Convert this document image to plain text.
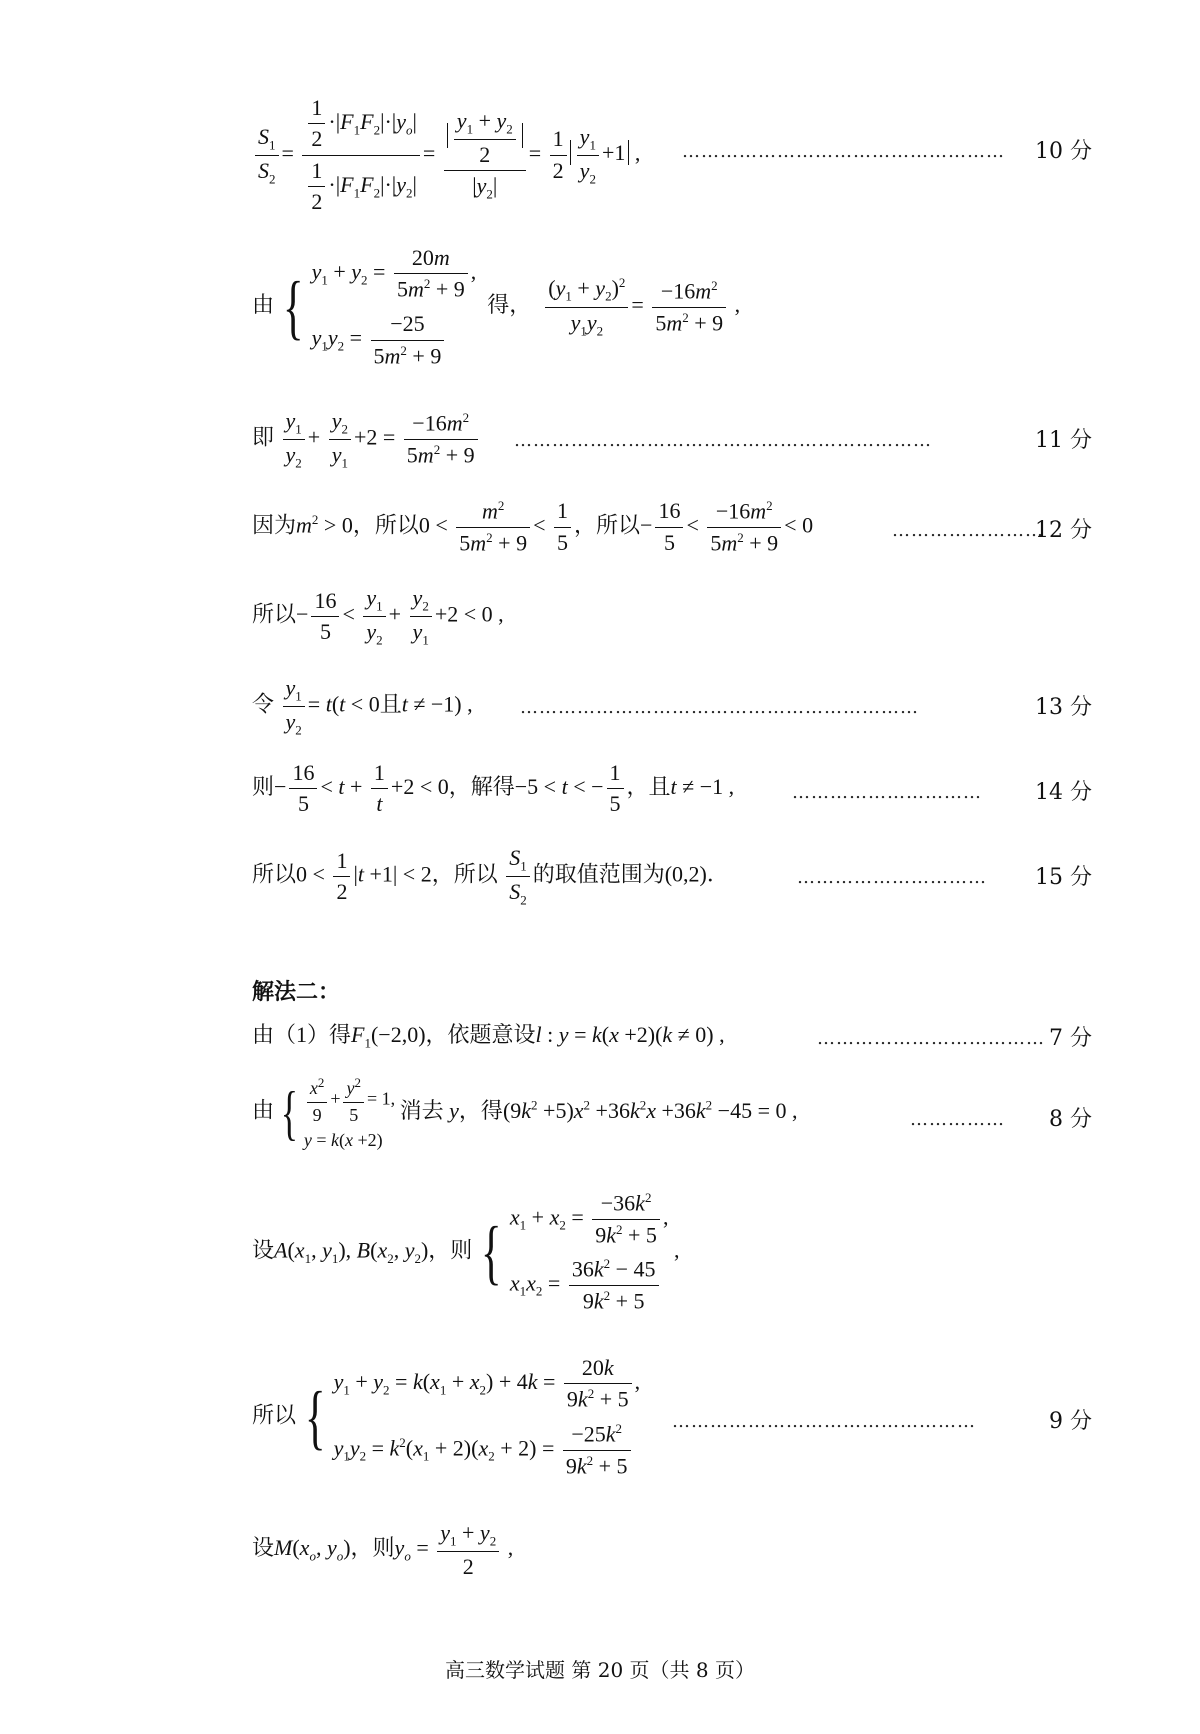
$\frac{S_1}{S_2} = \frac{\frac{1}{2} \cdot|F_1F_2|\cdot|y_o|}{\frac{1}{2} \cdot|F_1F_2|\cdot|y_2|} = \frac{\frac{y_1 + y_2}{2}}{|y_2|} = \frac{1}{2} \frac{y_1}{y_2} +1$ , ……………………………………………	10 分
由 { $y_1 + y_2 = \frac{20m}{5m^2 + 9}$ ,
$y_1y_2 = \frac{-25}{5m^2 + 9}$
得， $\frac{(y_1 + y_2)^2}{y_1y_2} = \frac{-16m^2}{5m^2 + 9}$ ,
即 $\frac{y_1}{y_2} + \frac{y_2}{y_1} +2 = \frac{-16m^2}{5m^2 + 9}$ …………………………………………………………	11 分
因为$m^2 > 0$，所以$0 < \frac{m^2}{5m^2 + 9} < \frac{1}{5}$ ，所以− $\frac{16}{5} < \frac{-16m^2}{5m^2 + 9} < 0$	……………………
12 分
所以− $\frac{16}{5} < \frac{y_1}{y_2} + \frac{y_2}{y_1} +2 < 0$ ,
令 $\frac{y_1}{y_2} = t(t < 0$且t ≠ −1) ,	………………………………………………………	13 分
则− $\frac{16}{5} < t + \frac{1}{t} +2 < 0$，解得−5 < t < − $\frac{1}{5}$ ，且t ≠ −1 ,	…………………………	14 分
所以$0 < \frac{1}{2} |t +1| < 2$，所以 $\frac{S_1}{S_2}$ 的取值范围为(0,2)．	…………………………	15 分
解法二：
由（1）得$F_1(-2,0)$，依题意设l : y = k(x +2)(k ≠ 0) ,	……………………………… 7 分
由 { $\frac{x^2}{9} + \frac{y^2}{5} = 1$,
y = k(x +2)
消去 y，得$(9k^2 +5)x^2 +36k^2x +36k^2 -45 = 0$ ,	……………	8 分
设$A(x_1$, $y_1$), $B(x_2$, $y_2$)，则 { $x_1 + x_2 = \frac{-36k^2}{9k^2 + 5}$ ,
$x_1x_2 = \frac{36k^2 - 45}{9k^2 + 5}$
,
所以 { $y_1 + y_2 = k(x_1 + x_2) + 4k = \frac{20k}{9k^2 + 5}$ ,
$y_1y_2 = k^2(x_1 + 2)(x_2 + 2) = \frac{-25k^2}{9k^2 + 5}$ …………………………………………	9 分
设$M(x_o$, $y_o$)，则$y_o = \frac{y_1 + y_2}{2}$ ,
高三数学试题 第 20 页（共 8 页）
